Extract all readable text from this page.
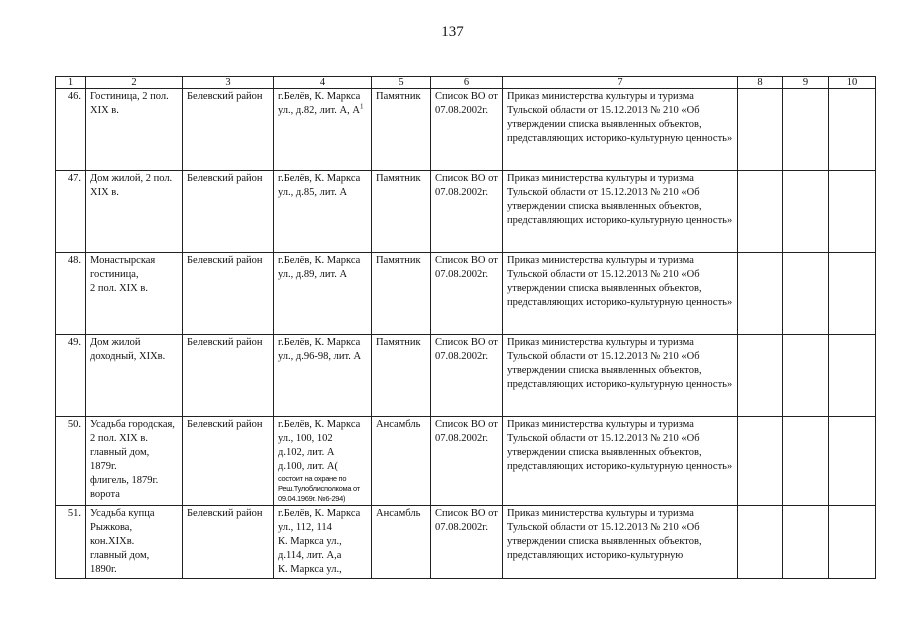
137
1	2	3	4	5	6	7	8	9	10
46.	Гостиница, 2 пол. XIX в.	Белевский район	г.Белёв, К. Маркса ул., д.82, лит. А, $А^1$	Памятник	Список ВО от 07.08.2002г.	Приказ министерства культуры и туризма Тульской области от 15.12.2013 № 210 «Об утверждении списка выявленных объектов, представляющих историко-культурную ценность»			

47.	Дом жилой, 2 пол. XIX в.	Белевский район	г.Белёв, К. Маркса ул., д.85, лит. А	Памятник	Список ВО от 07.08.2002г.	Приказ министерства культуры и туризма Тульской области от 15.12.2013 № 210 «Об утверждении списка выявленных объектов, представляющих историко-культурную ценность»			

48.	Монастырская гостиница,
2 пол. XIX в.	Белевский район	г.Белёв, К. Маркса ул., д.89, лит. А	Памятник	Список ВО от 07.08.2002г.	Приказ министерства культуры и туризма Тульской области от 15.12.2013 № 210 «Об утверждении списка выявленных объектов, представляющих историко-культурную ценность»			

49.	Дом жилой доходный, XIXв.	Белевский район	г.Белёв, К. Маркса ул., д.96-98, лит. А	Памятник	Список ВО от 07.08.2002г.	Приказ министерства культуры и туризма Тульской области от 15.12.2013 № 210 «Об утверждении списка выявленных объектов, представляющих историко-культурную ценность»			

50.	Усадьба городская,
2 пол. XIX в.
главный дом, 1879г.
флигель, 1879г.
ворота	Белевский район	г.Белёв, К. Маркса ул., 100, 102
д.102, лит. А
д.100, лит. А(
состоит на охране по Реш.Тулоблисполкома от 09.04.1969г. №6-294)	Ансамбль	Список ВО от 07.08.2002г.	Приказ министерства культуры и туризма Тульской области от 15.12.2013 № 210 «Об утверждении списка выявленных объектов, представляющих историко-культурную ценность»			

51.	Усадьба купца Рыжкова,
кон.XIXв.
главный дом, 1890г.	Белевский район	г.Белёв, К. Маркса ул., 112, 114
К. Маркса ул., д.114, лит. А,а
К. Маркса ул.,	Ансамбль	Список ВО от 07.08.2002г.	Приказ министерства культуры и туризма Тульской области от 15.12.2013 № 210 «Об утверждении списка выявленных объектов, представляющих историко-культурную			
